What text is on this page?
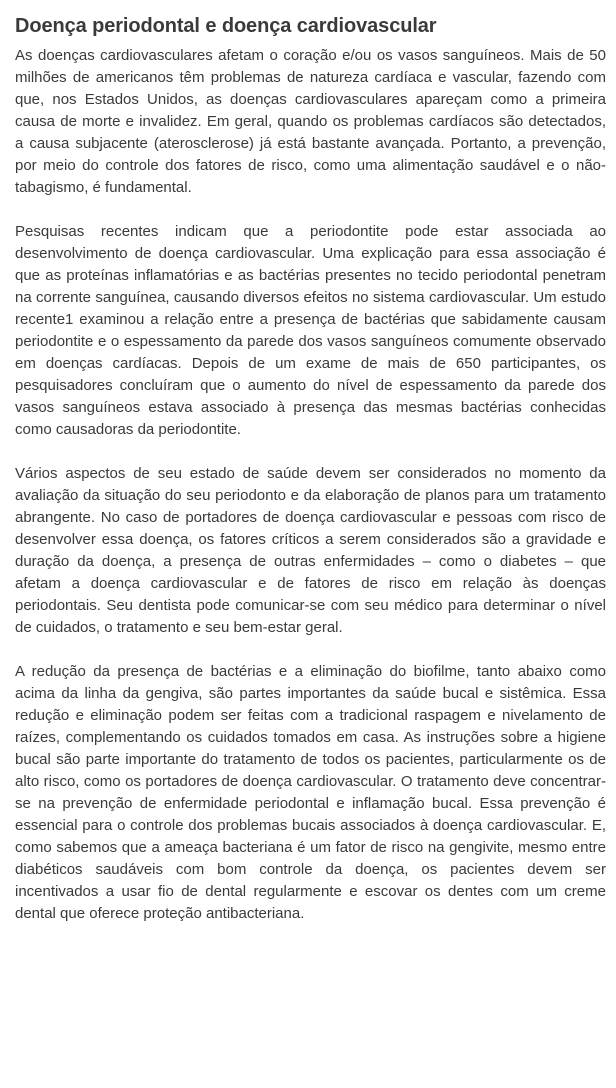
Doença periodontal e doença cardiovascular

As doenças cardiovasculares afetam o coração e/ou os vasos sanguíneos. Mais de 50 milhões de americanos têm problemas de natureza cardíaca e vascular, fazendo com que, nos Estados Unidos, as doenças cardiovasculares apareçam como a primeira causa de morte e invalidez. Em geral, quando os problemas cardíacos são detectados, a causa subjacente (aterosclerose) já está bastante avançada. Portanto, a prevenção, por meio do controle dos fatores de risco, como uma alimentação saudável e o não-tabagismo, é fundamental.

Pesquisas recentes indicam que a periodontite pode estar associada ao desenvolvimento de doença cardiovascular. Uma explicação para essa associação é que as proteínas inflamatórias e as bactérias presentes no tecido periodontal penetram na corrente sanguínea, causando diversos efeitos no sistema cardiovascular. Um estudo recente1 examinou a relação entre a presença de bactérias que sabidamente causam periodontite e o espessamento da parede dos vasos sanguíneos comumente observado em doenças cardíacas. Depois de um exame de mais de 650 participantes, os pesquisadores concluíram que o aumento do nível de espessamento da parede dos vasos sanguíneos estava associado à presença das mesmas bactérias conhecidas como causadoras da periodontite.

Vários aspectos de seu estado de saúde devem ser considerados no momento da avaliação da situação do seu periodonto e da elaboração de planos para um tratamento abrangente. No caso de portadores de doença cardiovascular e pessoas com risco de desenvolver essa doença, os fatores críticos a serem considerados são a gravidade e duração da doença, a presença de outras enfermidades – como o diabetes – que afetam a doença cardiovascular e de fatores de risco em relação às doenças periodontais. Seu dentista pode comunicar-se com seu médico para determinar o nível de cuidados, o tratamento e seu bem-estar geral.

A redução da presença de bactérias e a eliminação do biofilme, tanto abaixo como acima da linha da gengiva, são partes importantes da saúde bucal e sistêmica. Essa redução e eliminação podem ser feitas com a tradicional raspagem e nivelamento de raízes, complementando os cuidados tomados em casa. As instruções sobre a higiene bucal são parte importante do tratamento de todos os pacientes, particularmente os de alto risco, como os portadores de doença cardiovascular. O tratamento deve concentrar-se na prevenção de enfermidade periodontal e inflamação bucal. Essa prevenção é essencial para o controle dos problemas bucais associados à doença cardiovascular. E, como sabemos que a ameaça bacteriana é um fator de risco na gengivite, mesmo entre diabéticos saudáveis com bom controle da doença, os pacientes devem ser incentivados a usar fio de dental regularmente e escovar os dentes com um creme dental que oferece proteção antibacteriana.
